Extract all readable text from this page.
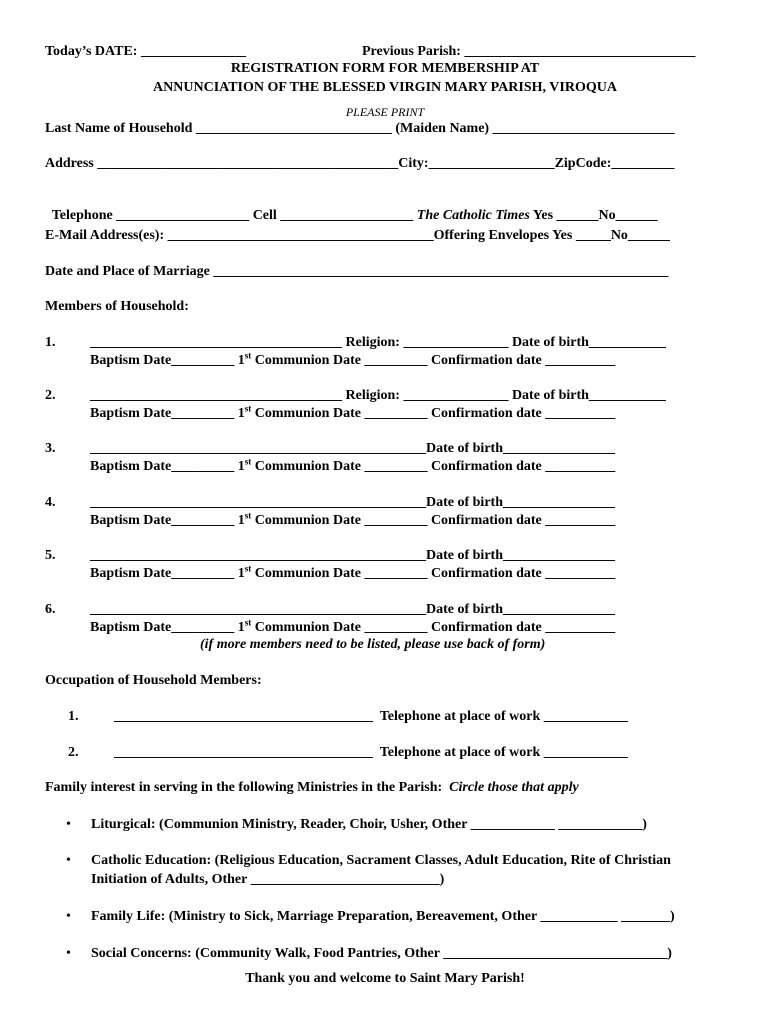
Today’s DATE: _______________	Previous Parish: _________________________________
REGISTRATION FORM FOR MEMBERSHIP AT
ANNUNCIATION OF THE BLESSED VIRGIN MARY PARISH, VIROQUA
PLEASE PRINT
Last Name of Household ____________________________ (Maiden Name) __________________________
Address ___________________________________________City:__________________ZipCode:_________

Telephone ___________________ Cell ___________________ The Catholic Times Yes ______No______

E-Mail Address(es): ______________________________________Offering Envelopes Yes _____No______
Date and Place of Marriage _________________________________________________________________
Members of Household:
1. ____________________________________ Religion: _______________ Date of birth___________
Baptism Date_________ 1st Communion Date _________ Confirmation date __________
2. ____________________________________ Religion: _______________ Date of birth___________
Baptism Date_________ 1st Communion Date _________ Confirmation date __________
3. ________________________________________________Date of birth________________
Baptism Date_________ 1st Communion Date _________ Confirmation date __________
4. ________________________________________________Date of birth________________
Baptism Date_________ 1st Communion Date _________ Confirmation date __________
5. ________________________________________________Date of birth________________
Baptism Date_________ 1st Communion Date _________ Confirmation date __________
6. ________________________________________________Date of birth________________
Baptism Date_________ 1st Communion Date _________ Confirmation date __________
(if more members need to be listed, please use back of form)
Occupation of Household Members:
1.	_____________________________________  Telephone at place of work ____________
2.	_____________________________________  Telephone at place of work ____________
Family interest in serving in the following Ministries in the Parish:  Circle those that apply
• Liturgical: (Communion Ministry, Reader, Choir, Usher, Other ____________ ____________)
• Catholic Education: (Religious Education, Sacrament Classes, Adult Education, Rite of Christian
Initiation of Adults, Other ___________________________)
• Family Life: (Ministry to Sick, Marriage Preparation, Bereavement, Other ___________ _______)
• Social Concerns: (Community Walk, Food Pantries, Other ________________________________)
Thank you and welcome to Saint Mary Parish!
